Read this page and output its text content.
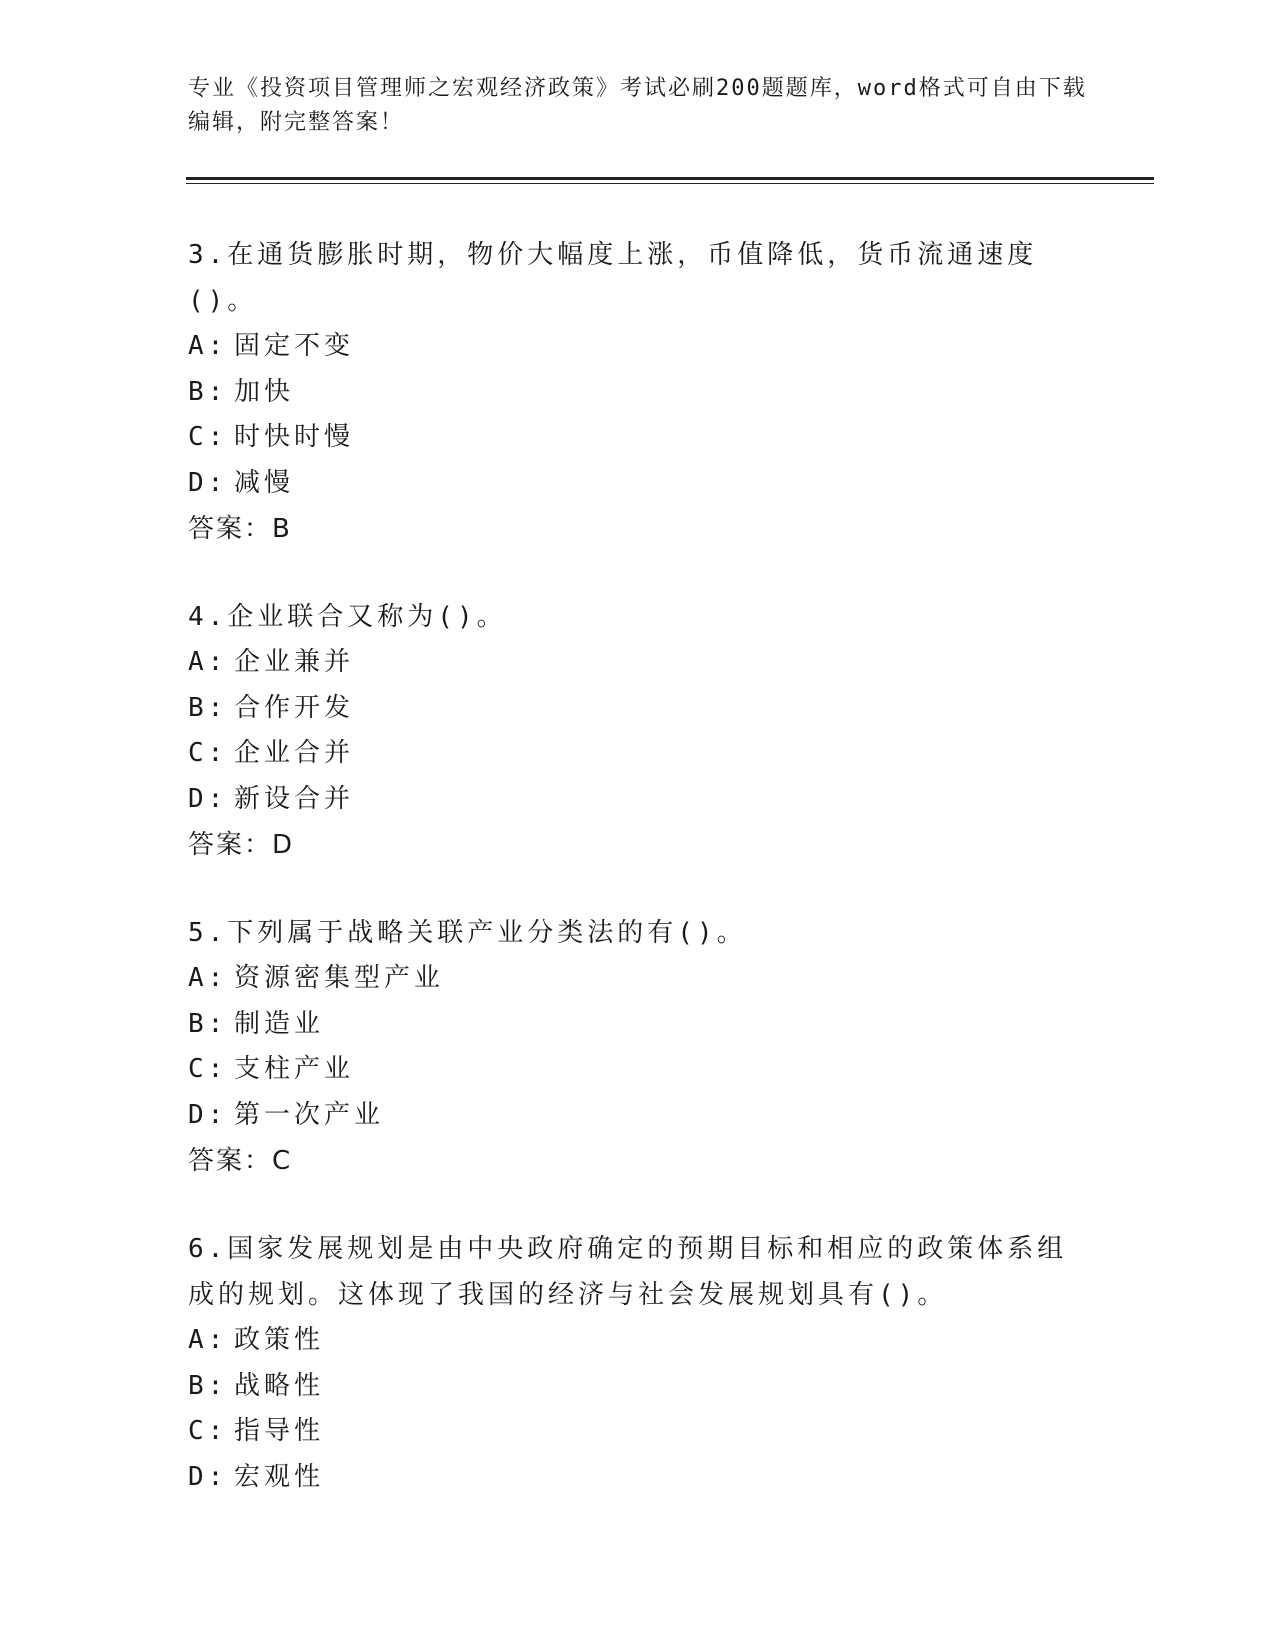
专业《投资项目管理师之宏观经济政策》考试必刷200题题库，word格式可自由下载编辑，附完整答案！
3.在通货膨胀时期，物价大幅度上涨，币值降低，货币流通速度()。
A: 固定不变
B: 加快
C: 时快时慢
D: 减慢
答案：B
4.企业联合又称为()。
A: 企业兼并
B: 合作开发
C: 企业合并
D: 新设合并
答案：D
5.下列属于战略关联产业分类法的有()。
A: 资源密集型产业
B: 制造业
C: 支柱产业
D: 第一次产业
答案：C
6.国家发展规划是由中央政府确定的预期目标和相应的政策体系组成的规划。这体现了我国的经济与社会发展规划具有()。
A: 政策性
B: 战略性
C: 指导性
D: 宏观性
